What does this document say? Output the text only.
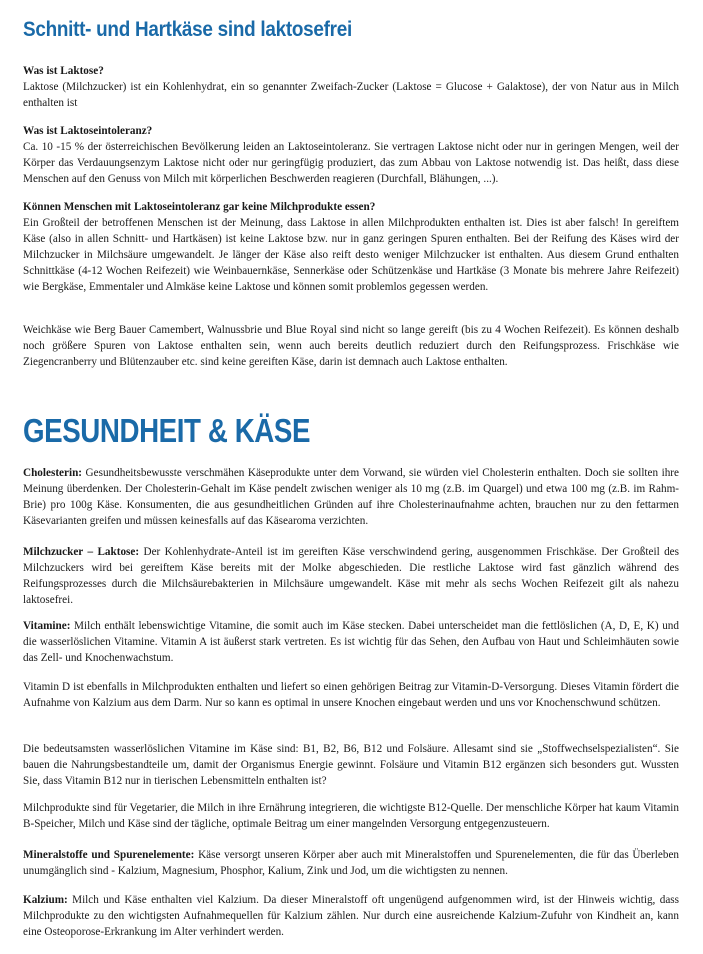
Schnitt- und Hartkäse sind laktosefrei
Was ist Laktose?

Laktose (Milchzucker) ist ein Kohlenhydrat, ein so genannter Zweifach-Zucker (Laktose = Glucose + Galaktose), der von Natur aus in Milch enthalten ist

Was ist Laktoseintoleranz?

Ca. 10 -15 % der österreichischen Bevölkerung leiden an Laktoseintoleranz. Sie vertragen Laktose nicht oder nur in geringen Mengen, weil der Körper das Verdauungsenzym Laktose nicht oder nur geringfügig produziert, das zum Abbau von Laktose notwendig ist. Das heißt, dass diese Menschen auf den Genuss von Milch mit körperlichen Beschwerden reagieren (Durchfall, Blähungen, ...).

Können Menschen mit Laktoseintoleranz gar keine Milchprodukte essen?

Ein Großteil der betroffenen Menschen ist der Meinung, dass Laktose in allen Milchprodukten enthalten ist. Dies ist aber falsch! In gereiftem Käse (also in allen Schnitt- und Hartkäsen) ist keine Laktose bzw. nur in ganz geringen Spuren enthalten. Bei der Reifung des Käses wird der Milchzucker in Milchsäure umgewandelt. Je länger der Käse also reift desto weniger Milchzucker ist enthalten. Aus diesem Grund enthalten Schnittkäse (4-12 Wochen Reifezeit) wie Weinbauernkäse, Sennerkäse oder Schützenkäse und Hartkäse (3 Monate bis mehrere Jahre Reifezeit) wie Bergkäse, Emmentaler und Almkäse keine Laktose und können somit problemlos gegessen werden.

Weichkäse wie Berg Bauer Camembert, Walnussbrie und Blue Royal sind nicht so lange gereift (bis zu 4 Wochen Reifezeit). Es können deshalb noch größere Spuren von Laktose enthalten sein, wenn auch bereits deutlich reduziert durch den Reifungsprozess. Frischkäse wie Ziegencranberry und Blütenzauber etc. sind keine gereiften Käse, darin ist demnach auch Laktose enthalten.

GESUNDHEIT & KÄSE

Cholesterin: Gesundheitsbewusste verschmähen Käseprodukte unter dem Vorwand, sie würden viel Cholesterin enthalten. Doch sie sollten ihre Meinung überdenken. Der Cholesterin-Gehalt im Käse pendelt zwischen weniger als 10 mg (z.B. im Quargel) und etwa 100 mg (z.B. im Rahm-Brie) pro 100g Käse. Konsumenten, die aus gesundheitlichen Gründen auf ihre Cholesterinaufnahme achten, brauchen nur zu den fettarmen Käsevarianten greifen und müssen keinesfalls auf das Käsearoma verzichten.

Milchzucker – Laktose: Der Kohlenhydrate-Anteil ist im gereiften Käse verschwindend gering, ausgenommen Frischkäse. Der Großteil des Milchzuckers wird bei gereiftem Käse bereits mit der Molke abgeschieden. Die restliche Laktose wird fast gänzlich während des Reifungsprozesses durch die Milchsäurebakterien in Milchsäure umgewandelt. Käse mit mehr als sechs Wochen Reifezeit gilt als nahezu laktosefrei.

Vitamine: Milch enthält lebenswichtige Vitamine, die somit auch im Käse stecken. Dabei unterscheidet man die fettlöslichen (A, D, E, K) und die wasserlöslichen Vitamine. Vitamin A ist äußerst stark vertreten. Es ist wichtig für das Sehen, den Aufbau von Haut und Schleimhäuten sowie das Zell- und Knochenwachstum.

Vitamin D ist ebenfalls in Milchprodukten enthalten und liefert so einen gehörigen Beitrag zur Vitamin-D-Versorgung. Dieses Vitamin fördert die Aufnahme von Kalzium aus dem Darm. Nur so kann es optimal in unsere Knochen eingebaut werden und uns vor Knochenschwund schützen.

Die bedeutsamsten wasserlöslichen Vitamine im Käse sind: B1, B2, B6, B12 und Folsäure. Allesamt sind sie „Stoffwechselspezialisten“. Sie bauen die Nahrungsbestandteile um, damit der Organismus Energie gewinnt. Folsäure und Vitamin B12 ergänzen sich besonders gut. Wussten Sie, dass Vitamin B12 nur in tierischen Lebensmitteln enthalten ist?

Milchprodukte sind für Vegetarier, die Milch in ihre Ernährung integrieren, die wichtigste B12-Quelle. Der menschliche Körper hat kaum Vitamin B-Speicher, Milch und Käse sind der tägliche, optimale Beitrag um einer mangelnden Versorgung entgegenzusteuern.

Mineralstoffe und Spurenelemente: Käse versorgt unseren Körper aber auch mit Mineralstoffen und Spurenelementen, die für das Überleben unumgänglich sind - Kalzium, Magnesium, Phosphor, Kalium, Zink und Jod, um die wichtigsten zu nennen.

Kalzium: Milch und Käse enthalten viel Kalzium. Da dieser Mineralstoff oft ungenügend aufgenommen wird, ist der Hinweis wichtig, dass Milchprodukte zu den wichtigsten Aufnahmequellen für Kalzium zählen. Nur durch eine ausreichende Kalzium-Zufuhr von Kindheit an, kann eine Osteoporose-Erkrankung im Alter verhindert werden.
